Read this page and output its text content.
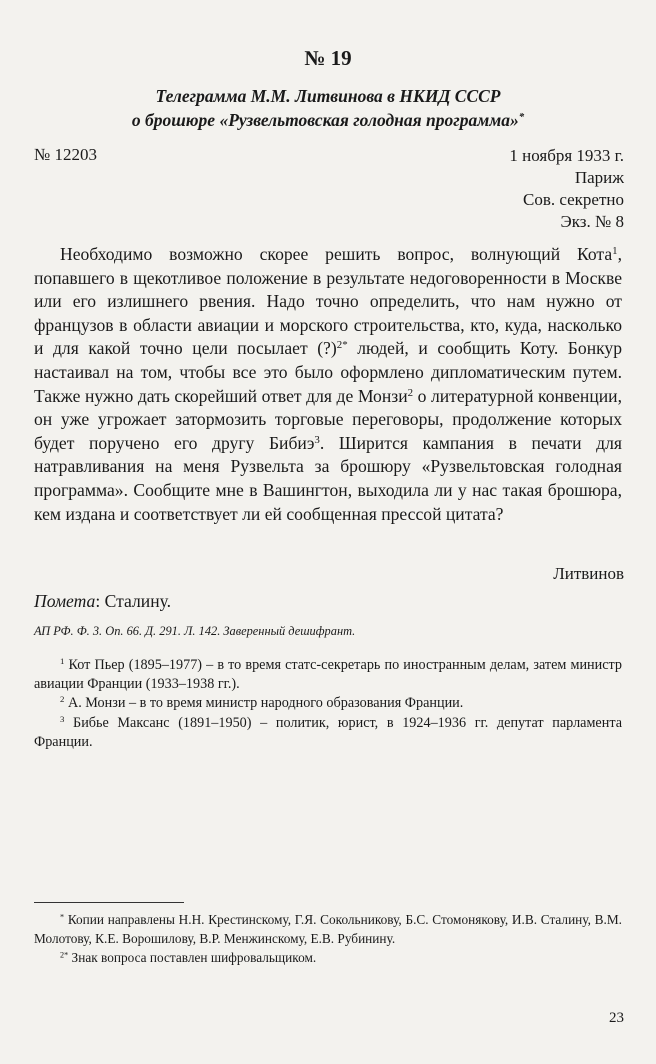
№ 19
Телеграмма М.М. Литвинова в НКИД СССР
о брошюре «Рузвельтовская голодная программа»*
№ 12203	1 ноября 1933 г.
Париж
Сов. секретно
Экз. № 8

Необходимо возможно скорее решить вопрос, волнующий Кота$^1$, попавшего в щекотливое положение в результате недоговоренности в Москве или его излишнего рвения. Надо точно определить, что нам нужно от французов в области авиации и морского строительства, кто, куда, насколько и для какой точно цели посылает (?)$^{2*}$ людей, и сообщить Коту. Бонкур настаивал на том, чтобы все это было оформлено дипломатическим путем. Также нужно дать скорейший ответ для де Монзи$^2$ о литературной конвенции, он уже угрожает затормозить торговые переговоры, продолжение которых будет поручено его другу Бибиэ$^3$. Ширится кампания в печати для натравливания на меня Рузвельта за брошюру «Рузвельтовская голодная программа». Сообщите мне в Вашингтон, выходила ли у нас такая брошюра, кем издана и соответствует ли ей сообщенная прессой цитата?

Литвинов
Помета: Сталину.
АП РФ. Ф. 3. Оп. 66. Д. 291. Л. 142. Заверенный дешифрант.

$^1$ Кот Пьер (1895–1977) – в то время статс-секретарь по иностранным делам, затем министр авиации Франции (1933–1938 гг.).

$^2$ А. Монзи – в то время министр народного образования Франции.

$^3$ Бибье Максанс (1891–1950) – политик, юрист, в 1924–1936 гг. депутат парламента Франции.

* Копии направлены Н.Н. Крестинскому, Г.Я. Сокольникову, Б.С. Стомонякову, И.В. Сталину, В.М. Молотову, К.Е. Ворошилову, В.Р. Менжинскому, Е.В. Рубинину.

$^{2*}$ Знак вопроса поставлен шифровальщиком.

23
